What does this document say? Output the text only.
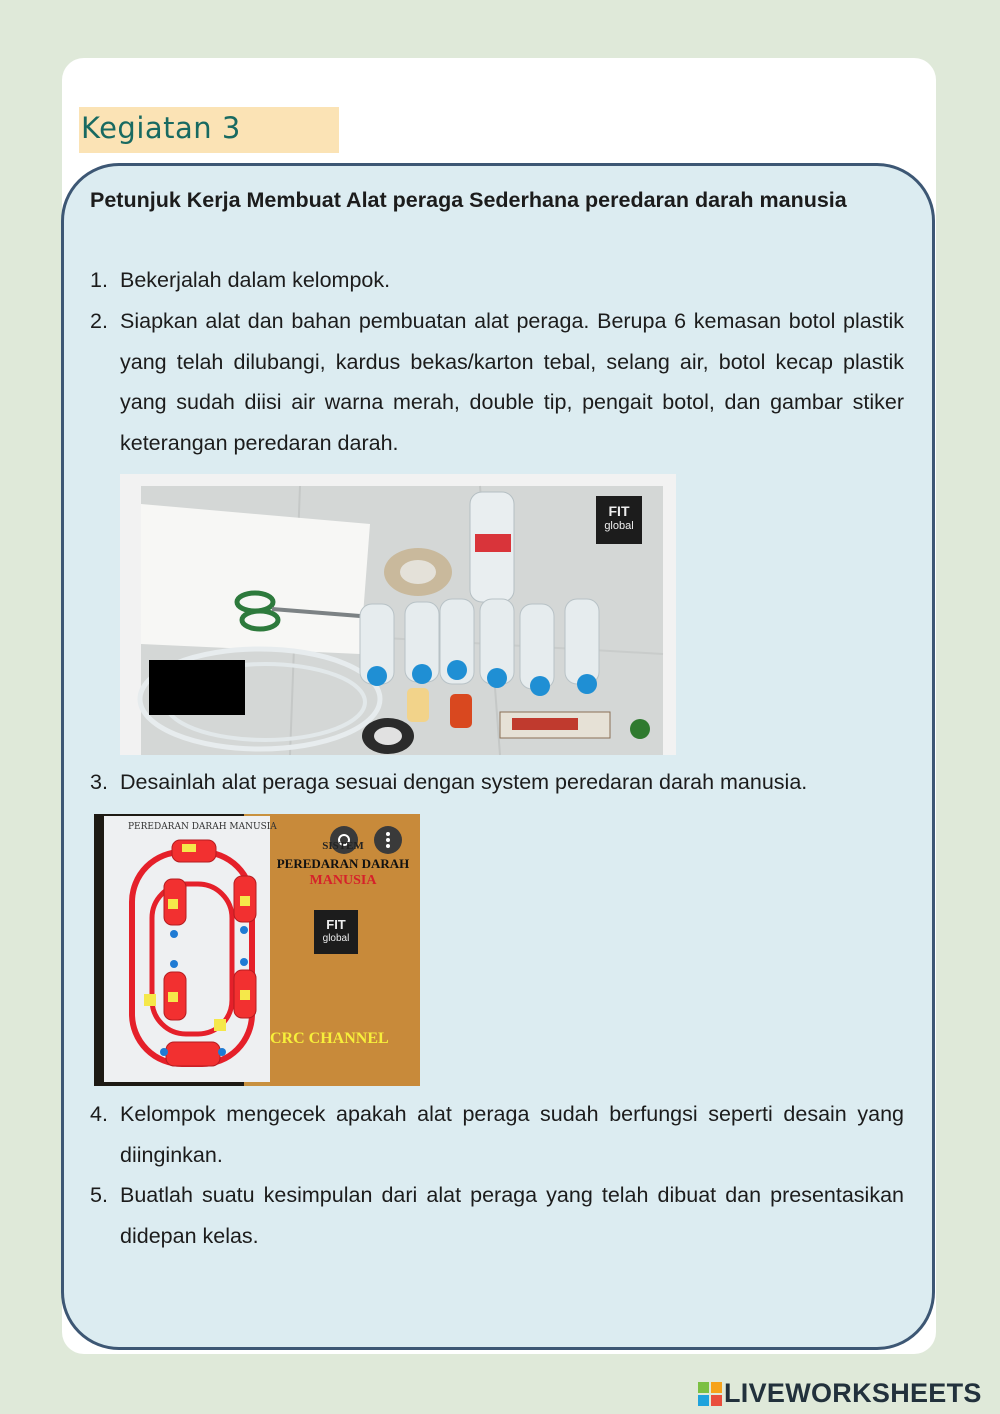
Kegiatan 3
Petunjuk Kerja Membuat Alat peraga Sederhana peredaran darah manusia
1. Bekerjalah dalam kelompok.
2. Siapkan alat dan bahan pembuatan alat peraga. Berupa 6 kemasan botol plastik yang telah dilubangi, kardus bekas/karton tebal, selang air, botol kecap plastik yang sudah diisi air warna merah, double tip, pengait botol, dan gambar stiker keterangan peredaran darah.
FIT
global
3. Desainlah alat peraga sesuai dengan system peredaran darah manusia.
PEREDARAN DARAH MANUSIA
SISTEM
PEREDARAN DARAH
MANUSIA
FIT
global
CRC CHANNEL
4. Kelompok mengecek apakah alat peraga sudah berfungsi seperti desain yang diinginkan.
5. Buatlah suatu kesimpulan dari alat peraga yang telah dibuat dan presentasikan didepan kelas.
LIVEWORKSHEETS
